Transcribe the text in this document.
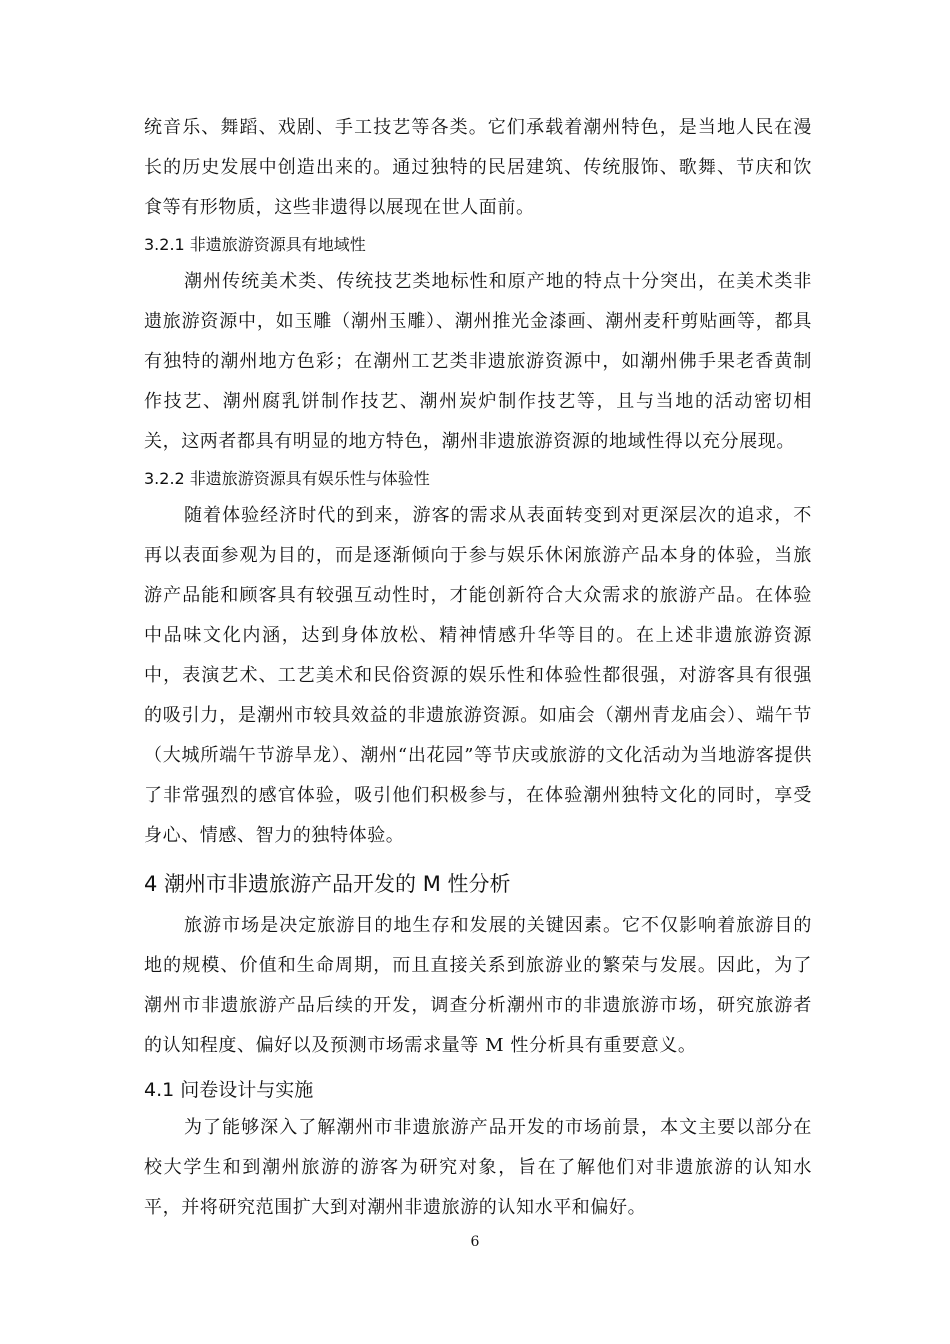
统音乐、舞蹈、戏剧、手工技艺等各类。它们承载着潮州特色，是当地人民在漫长的历史发展中创造出来的。通过独特的民居建筑、传统服饰、歌舞、节庆和饮食等有形物质，这些非遗得以展现在世人面前。

3.2.1 非遗旅游资源具有地域性

潮州传统美术类、传统技艺类地标性和原产地的特点十分突出，在美术类非遗旅游资源中，如玉雕（潮州玉雕）、潮州推光金漆画、潮州麦秆剪贴画等，都具有独特的潮州地方色彩；在潮州工艺类非遗旅游资源中，如潮州佛手果老香黄制作技艺、潮州腐乳饼制作技艺、潮州炭炉制作技艺等，且与当地的活动密切相关，这两者都具有明显的地方特色，潮州非遗旅游资源的地域性得以充分展现。

3.2.2 非遗旅游资源具有娱乐性与体验性

随着体验经济时代的到来，游客的需求从表面转变到对更深层次的追求，不再以表面参观为目的，而是逐渐倾向于参与娱乐休闲旅游产品本身的体验，当旅游产品能和顾客具有较强互动性时，才能创新符合大众需求的旅游产品。在体验中品味文化内涵，达到身体放松、精神情感升华等目的。在上述非遗旅游资源中，表演艺术、工艺美术和民俗资源的娱乐性和体验性都很强，对游客具有很强的吸引力，是潮州市较具效益的非遗旅游资源。如庙会（潮州青龙庙会）、端午节（大城所端午节游旱龙）、潮州“出花园”等节庆或旅游的文化活动为当地游客提供了非常强烈的感官体验，吸引他们积极参与，在体验潮州独特文化的同时，享受身心、情感、智力的独特体验。

4 潮州市非遗旅游产品开发的 M 性分析

旅游市场是决定旅游目的地生存和发展的关键因素。它不仅影响着旅游目的地的规模、价值和生命周期，而且直接关系到旅游业的繁荣与发展。因此，为了潮州市非遗旅游产品后续的开发，调查分析潮州市的非遗旅游市场，研究旅游者的认知程度、偏好以及预测市场需求量等 M 性分析具有重要意义。

4.1 问卷设计与实施

为了能够深入了解潮州市非遗旅游产品开发的市场前景，本文主要以部分在校大学生和到潮州旅游的游客为研究对象，旨在了解他们对非遗旅游的认知水平，并将研究范围扩大到对潮州非遗旅游的认知水平和偏好。

6
